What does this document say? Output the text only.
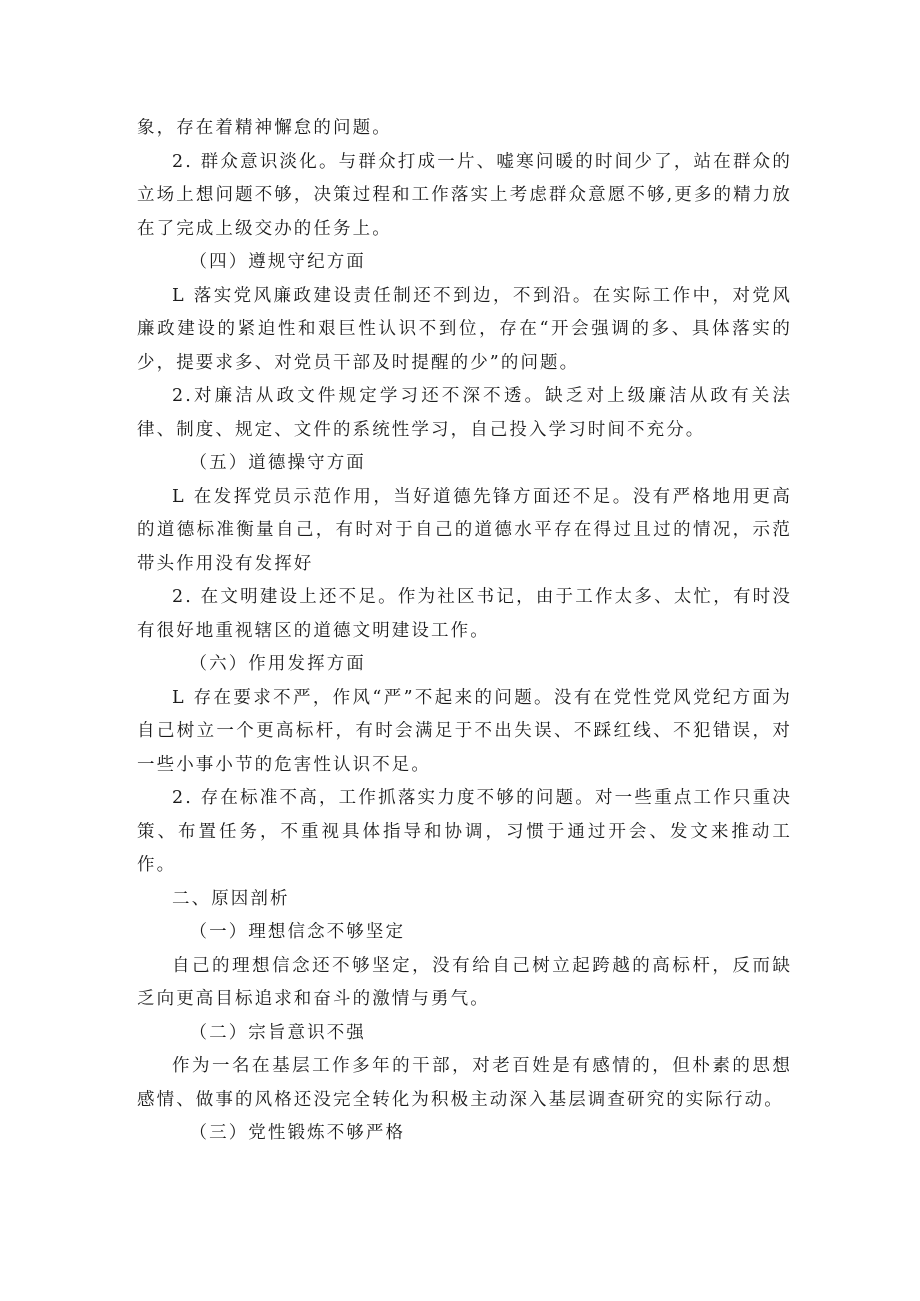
象，存在着精神懈怠的问题。

2. 群众意识淡化。与群众打成一片、嘘寒问暖的时间少了，站在群众的立场上想问题不够，决策过程和工作落实上考虑群众意愿不够,更多的精力放在了完成上级交办的任务上。

（四）遵规守纪方面

L 落实党风廉政建设责任制还不到边，不到沿。在实际工作中，对党风廉政建设的紧迫性和艰巨性认识不到位，存在“开会强调的多、具体落实的少，提要求多、对党员干部及时提醒的少”的问题。

2.对廉洁从政文件规定学习还不深不透。缺乏对上级廉洁从政有关法律、制度、规定、文件的系统性学习，自己投入学习时间不充分。

（五）道德操守方面

L 在发挥党员示范作用，当好道德先锋方面还不足。没有严格地用更高的道德标准衡量自己，有时对于自己的道德水平存在得过且过的情况，示范带头作用没有发挥好

2. 在文明建设上还不足。作为社区书记，由于工作太多、太忙，有时没有很好地重视辖区的道德文明建设工作。

（六）作用发挥方面

L 存在要求不严，作风“严”不起来的问题。没有在党性党风党纪方面为自己树立一个更高标杆，有时会满足于不出失误、不踩红线、不犯错误，对一些小事小节的危害性认识不足。

2. 存在标准不高，工作抓落实力度不够的问题。对一些重点工作只重决策、布置任务，不重视具体指导和协调，习惯于通过开会、发文来推动工作。

二、原因剖析

（一）理想信念不够坚定

自己的理想信念还不够坚定，没有给自己树立起跨越的高标杆，反而缺乏向更高目标追求和奋斗的激情与勇气。

（二）宗旨意识不强

作为一名在基层工作多年的干部，对老百姓是有感情的，但朴素的思想感情、做事的风格还没完全转化为积极主动深入基层调查研究的实际行动。

（三）党性锻炼不够严格
